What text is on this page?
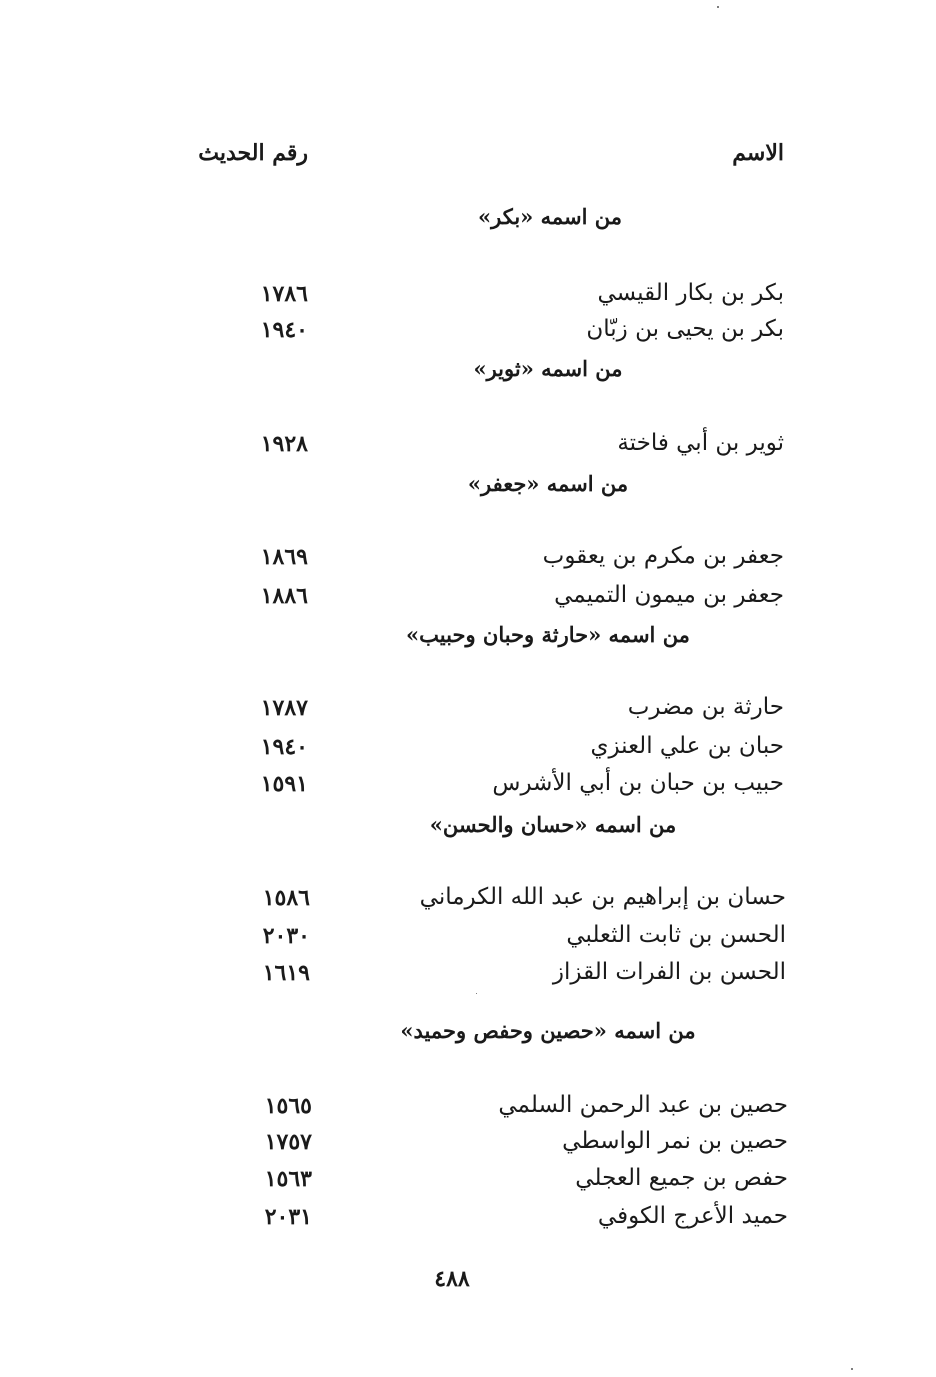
الاسم
رقم الحديث
من اسمه «بكر»
بكر بن بكار القيسي
١٧٨٦
بكر بن يحيى بن زبّان
١٩٤٠
من اسمه «ثوير»
ثوير بن أبي فاختة
١٩٢٨
من اسمه «جعفر»
جعفر بن مكرم بن يعقوب
١٨٦٩
جعفر بن ميمون التميمي
١٨٨٦
من اسمه «حارثة وحبان وحبيب»
حارثة بن مضرب
١٧٨٧
حبان بن علي العنزي
١٩٤٠
حبيب بن حبان بن أبي الأشرس
١٥٩١
من اسمه «حسان والحسن»
حسان بن إبراهيم بن عبد الله الكرماني
١٥٨٦
الحسن بن ثابت الثعلبي
٢٠٣٠
الحسن بن الفرات القزاز
١٦١٩
من اسمه «حصين وحفص وحميد»
حصين بن عبد الرحمن السلمي
١٥٦٥
حصين بن نمر الواسطي
١٧٥٧
حفص بن جميع العجلي
١٥٦٣
حميد الأعرج الكوفي
٢٠٣١
٤٨٨
